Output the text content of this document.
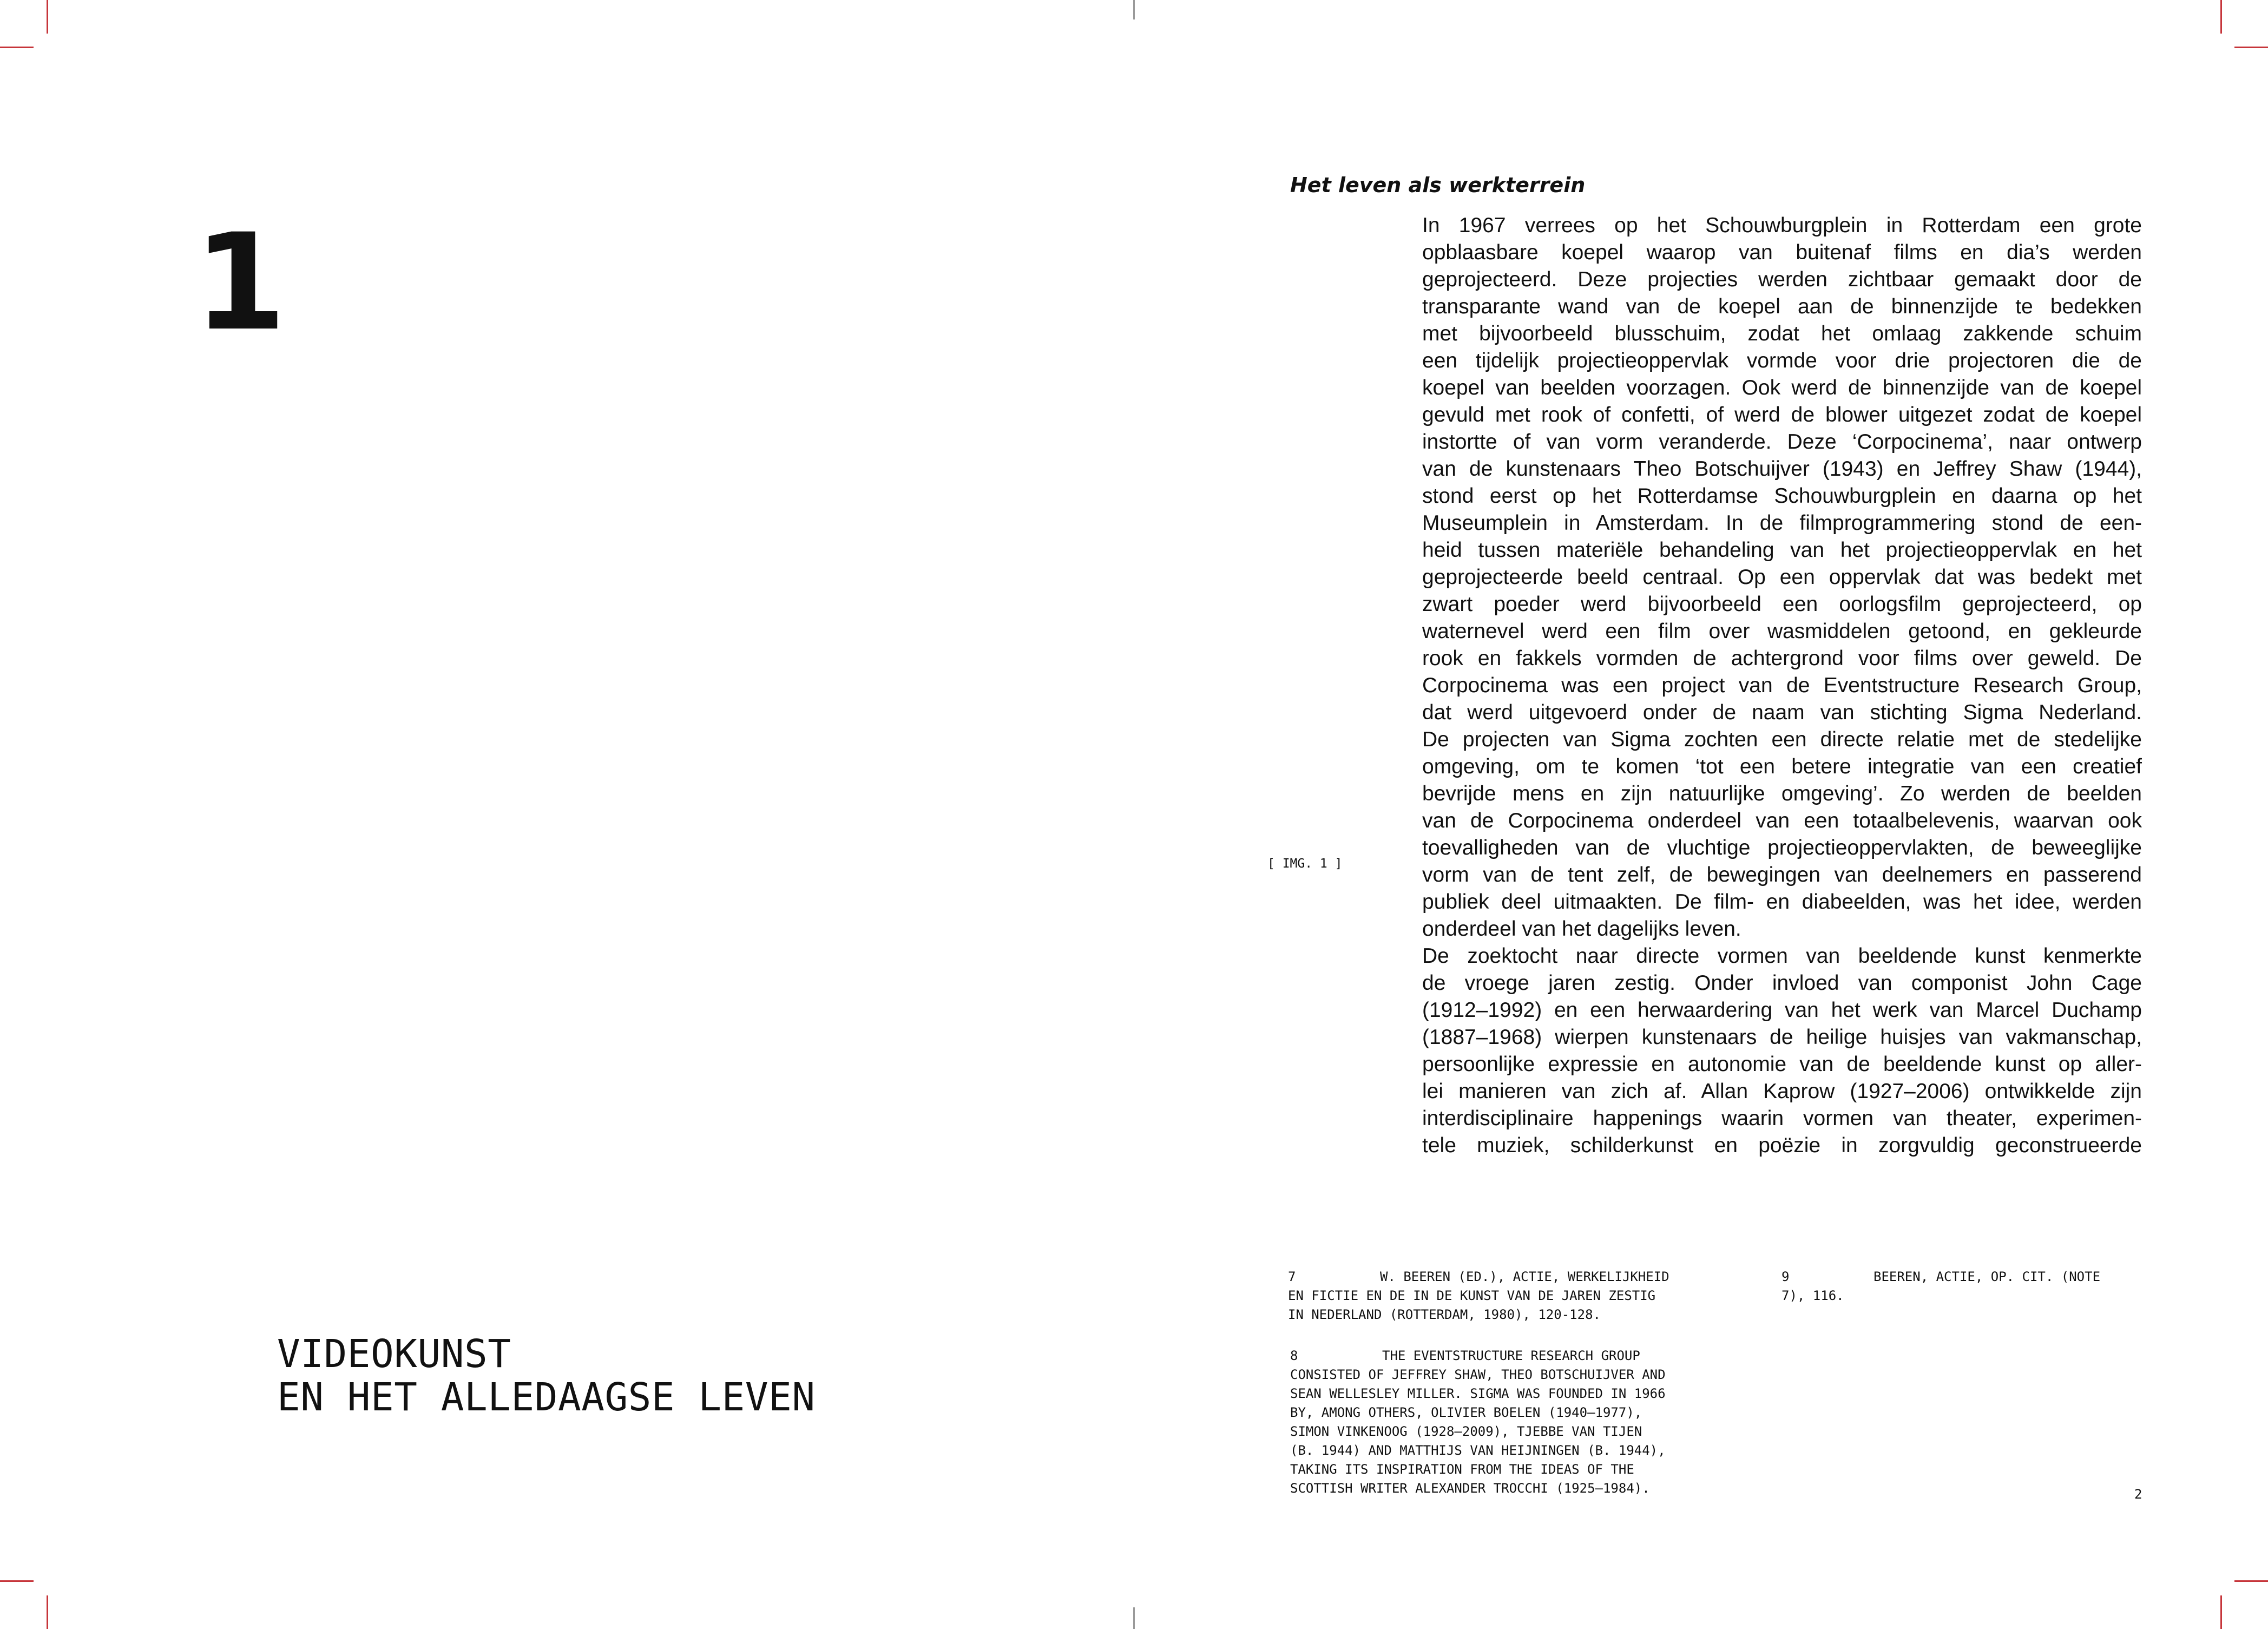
1
VIDEOKUNST
EN HET ALLEDAAGSE LEVEN
Het leven als werkterrein
[ IMG. 1 ]

In 1967 verrees op het Schouwburgplein in Rotterdam een grote
opblaasbare koepel waarop van buitenaf films en dia’s werden
geprojecteerd. Deze projecties werden zichtbaar gemaakt door de
transparante wand van de koepel aan de binnenzijde te bedekken
met bijvoorbeeld blusschuim, zodat het omlaag zakkende schuim
een tijdelijk projectieoppervlak vormde voor drie projectoren die de
koepel van beelden voorzagen. Ook werd de binnenzijde van de koepel
gevuld met rook of confetti, of werd de blower uitgezet zodat de koepel
instortte of van vorm veranderde. Deze ‘Corpocinema’, naar ontwerp
van de kunstenaars Theo Botschuijver (1943) en Jeffrey Shaw (1944),
stond eerst op het Rotterdamse Schouwburgplein en daarna op het
Museumplein in Amsterdam. In de filmprogrammering stond de een-
heid tussen materiële behandeling van het projectieoppervlak en het
geprojecteerde beeld centraal. Op een oppervlak dat was bedekt met
zwart poeder werd bijvoorbeeld een oorlogsfilm geprojecteerd, op
waternevel werd een film over wasmiddelen getoond, en gekleurde
rook en fakkels vormden de achtergrond voor films over geweld. De
Corpocinema was een project van de Eventstructure Research Group,
dat werd uitgevoerd onder de naam van stichting Sigma Nederland.
De projecten van Sigma zochten een directe relatie met de stedelijke
omgeving, om te komen ‘tot een betere integratie van een creatief
bevrijde mens en zijn natuurlijke omgeving’. Zo werden de beelden
van de Corpocinema onderdeel van een totaalbelevenis, waarvan ook
toevalligheden van de vluchtige projectieoppervlakten, de beweeglijke
vorm van de tent zelf, de bewegingen van deelnemers en passerend
publiek deel uitmaakten. De film- en diabeelden, was het idee, werden
onderdeel van het dagelijks leven.

De zoektocht naar directe vormen van beeldende kunst kenmerkte
de vroege jaren zestig. Onder invloed van componist John Cage
(1912–1992) en een herwaardering van het werk van Marcel Duchamp
(1887–1968) wierpen kunstenaars de heilige huisjes van vakmanschap,
persoonlijke expressie en autonomie van de beeldende kunst op aller-
lei manieren van zich af. Allan Kaprow (1927–2006) ontwikkelde zijn
interdisciplinaire happenings waarin vormen van theater, experimen-
tele muziek, schilderkunst en poëzie in zorgvuldig geconstrueerde

7	W. BEEREN (ED.), ACTIE, WERKELIJKHEID
EN FICTIE EN DE IN DE KUNST VAN DE JAREN ZESTIG
IN NEDERLAND (ROTTERDAM, 1980), 120-128.
8	THE EVENTSTRUCTURE RESEARCH GROUP
CONSISTED OF JEFFREY SHAW, THEO BOTSCHUIJVER AND
SEAN WELLESLEY MILLER. SIGMA WAS FOUNDED IN 1966
BY, AMONG OTHERS, OLIVIER BOELEN (1940–1977),
SIMON VINKENOOG (1928–2009), TJEBBE VAN TIJEN
(B. 1944) AND MATTHIJS VAN HEIJNINGEN (B. 1944),
TAKING ITS INSPIRATION FROM THE IDEAS OF THE
SCOTTISH WRITER ALEXANDER TROCCHI (1925–1984).
9	BEEREN, ACTIE, OP. CIT. (NOTE
7), 116.
2
